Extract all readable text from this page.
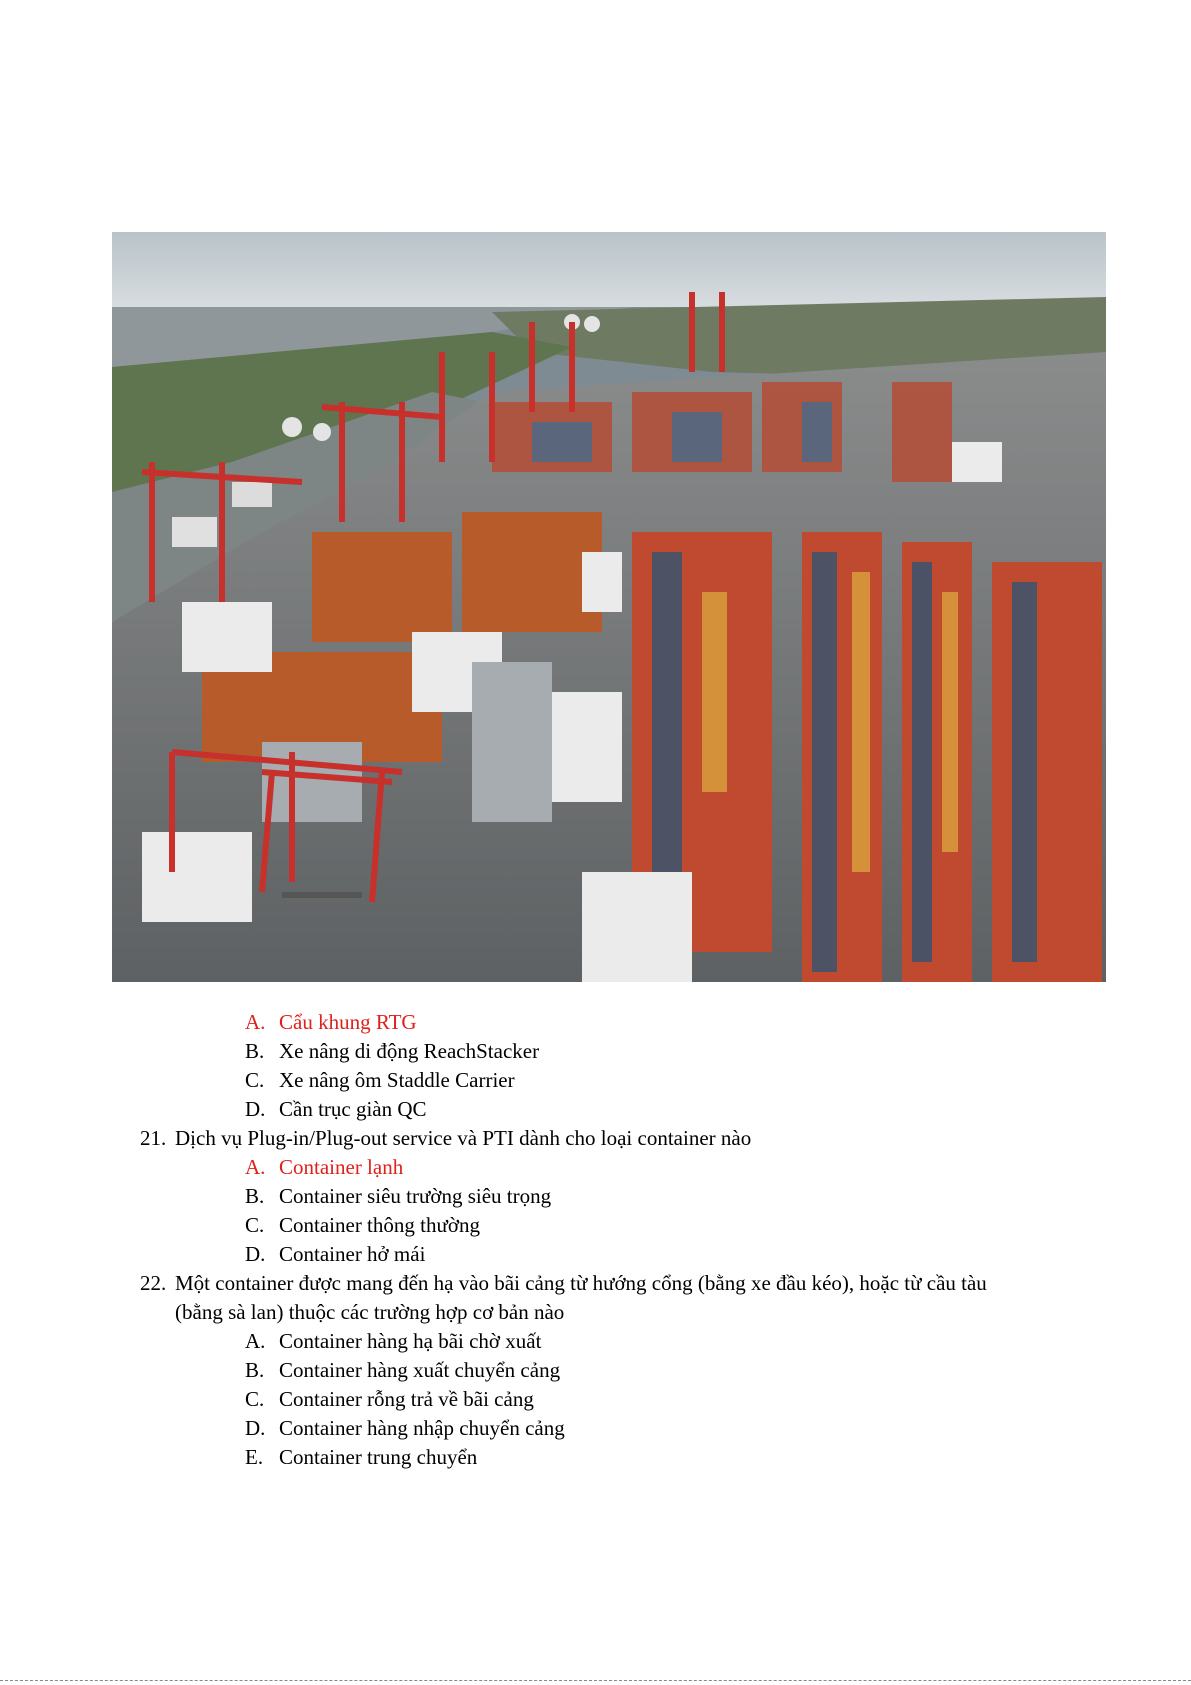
A. Cẩu khung RTG
B. Xe nâng di động ReachStacker
C. Xe nâng ôm Staddle Carrier
D. Cần trục giàn QC
21. Dịch vụ Plug-in/Plug-out service và PTI dành cho loại container nào
A. Container lạnh
B. Container siêu trường siêu trọng
C. Container thông thường
D. Container hở mái
22. Một container được mang đến hạ vào bãi cảng từ hướng cổng (bằng xe đầu kéo), hoặc từ cầu tàu
(bằng sà lan) thuộc các trường hợp cơ bản nào
A. Container hàng hạ bãi chờ xuất
B. Container hàng xuất chuyển cảng
C. Container rỗng trả về bãi cảng
D. Container hàng nhập chuyển cảng
E. Container trung chuyển
